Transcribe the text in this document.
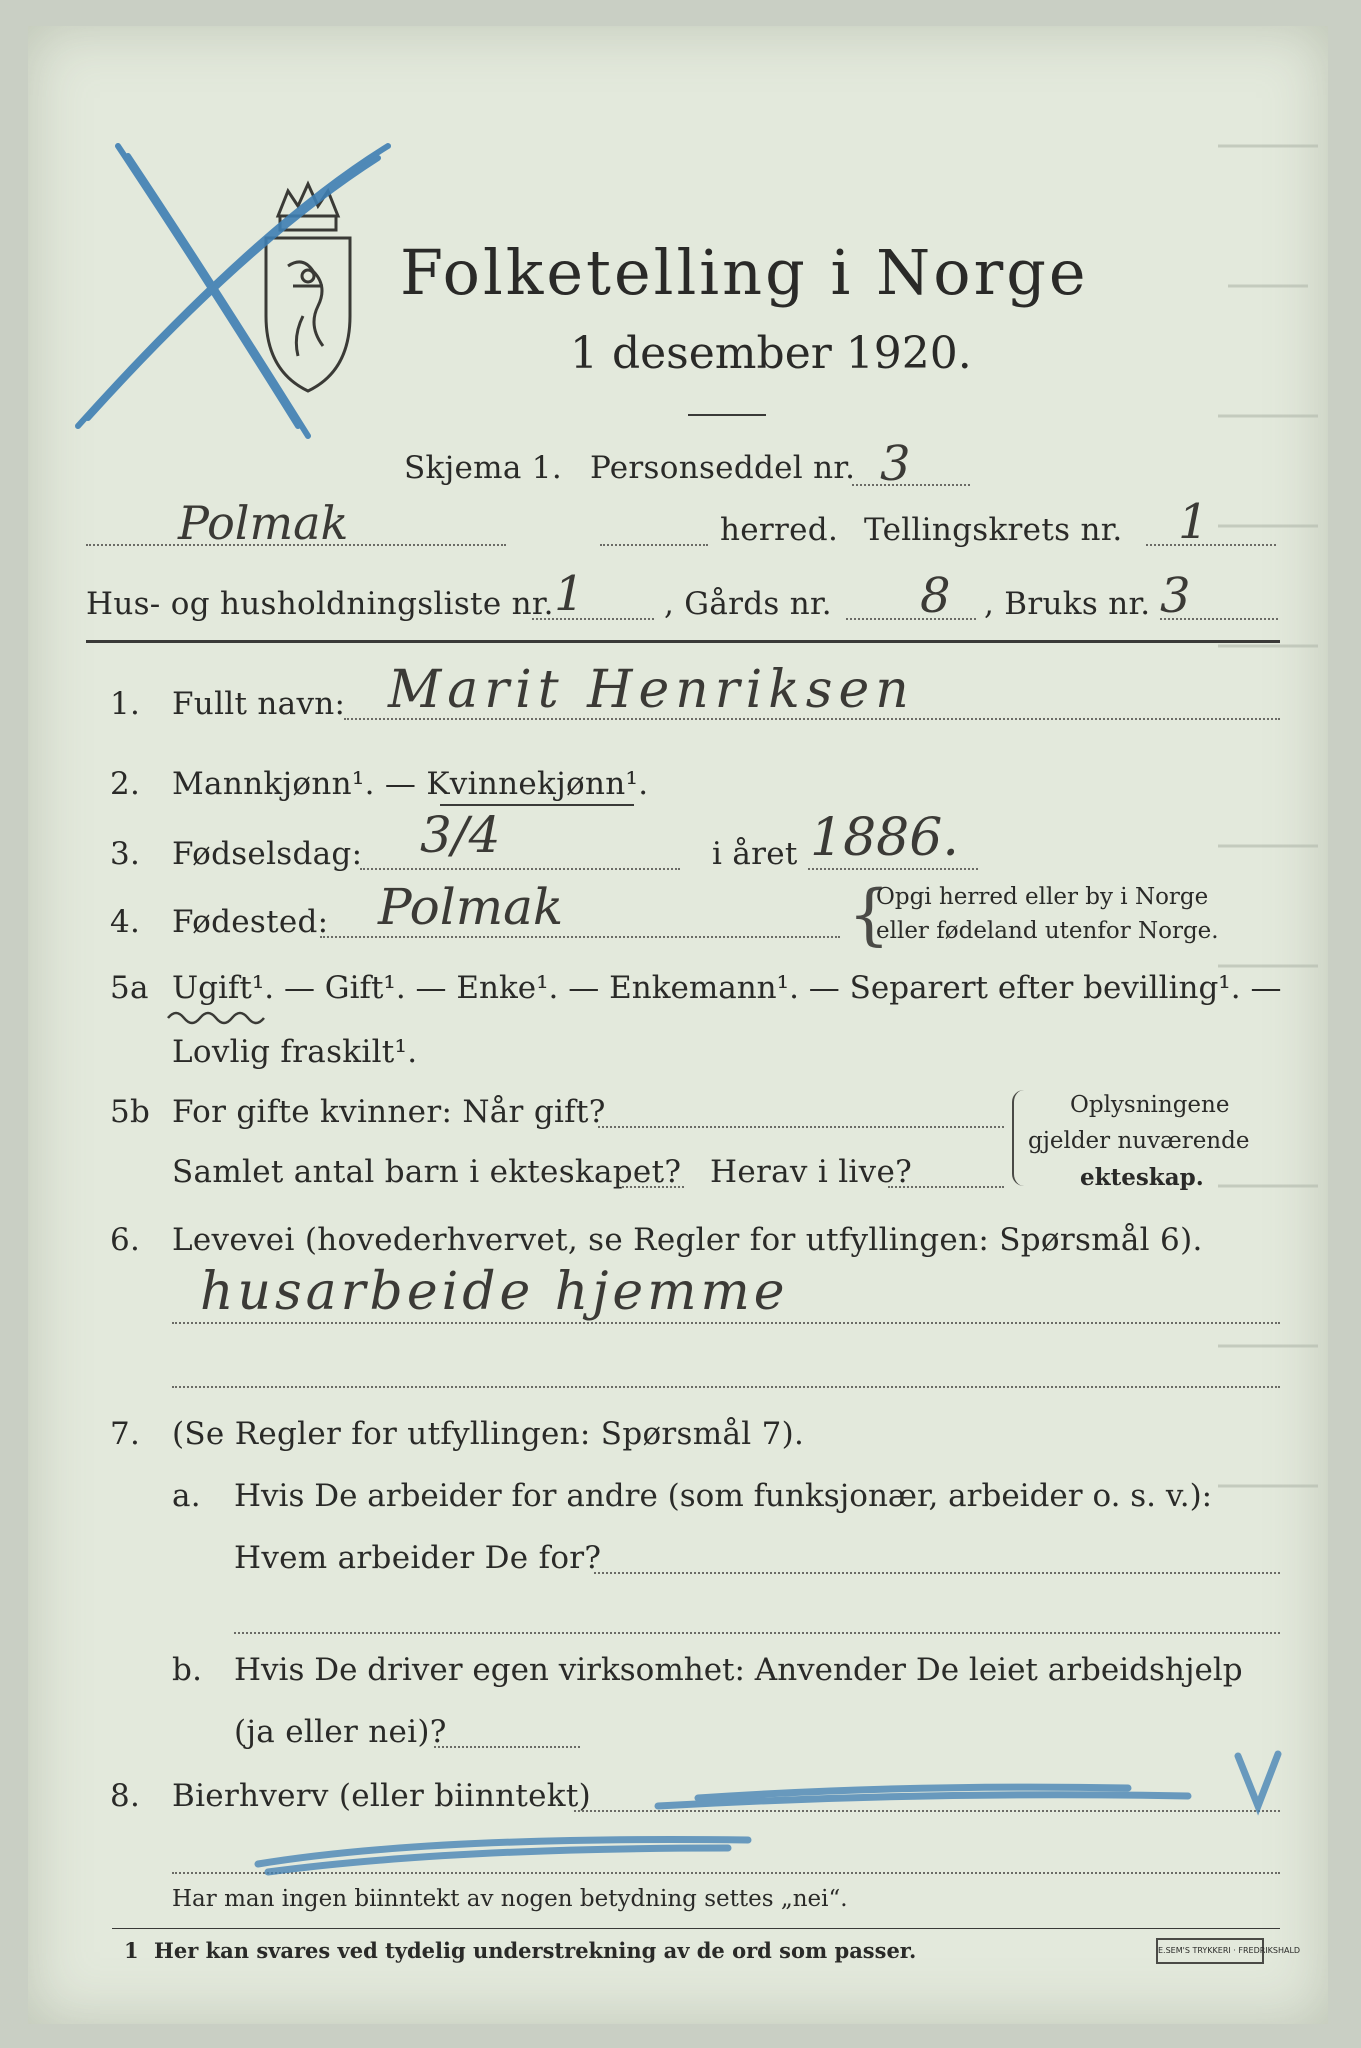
Folketelling i Norge
1 desember 1920.
Skjema 1. Personseddel nr. 3
Polmak	herred. Tellingskrets nr. 1
Hus- og husholdningsliste nr. 1	, Gårds nr. 8 , Bruks nr. 3
1. Fullt navn: Marit Henriksen
2. Mannkjønn¹. — Kvinnekjønn¹.
3. Fødselsdag: 3/4	i året 1886.
4. Fødested: Polmak	{
Opgi herred eller by i Norge
eller fødeland utenfor Norge.
5a Ugift¹. — Gift¹. — Enke¹. — Enkemann¹. — Separert efter bevilling¹. —
Lovlig fraskilt¹.
5b For gifte kvinner: Når gift?
Samlet antal barn i ekteskapet? Herav i live?
Oplysningene
gjelder nuværende
ekteskap.
6. Levevei (hovederhvervet, se Regler for utfyllingen: Spørsmål 6).
husarbeide hjemme
7. (Se Regler for utfyllingen: Spørsmål 7).
a. Hvis De arbeider for andre (som funksjonær, arbeider o. s. v.):
Hvem arbeider De for?
b. Hvis De driver egen virksomhet: Anvender De leiet arbeidshjelp
(ja eller nei)?
8. Bierhverv (eller biinntekt)
Har man ingen biinntekt av nogen betydning settes „nei“.
1 Her kan svares ved tydelig understrekning av de ord som passer.	E.SEM'S TRYKKERI · FREDRIKSHALD
